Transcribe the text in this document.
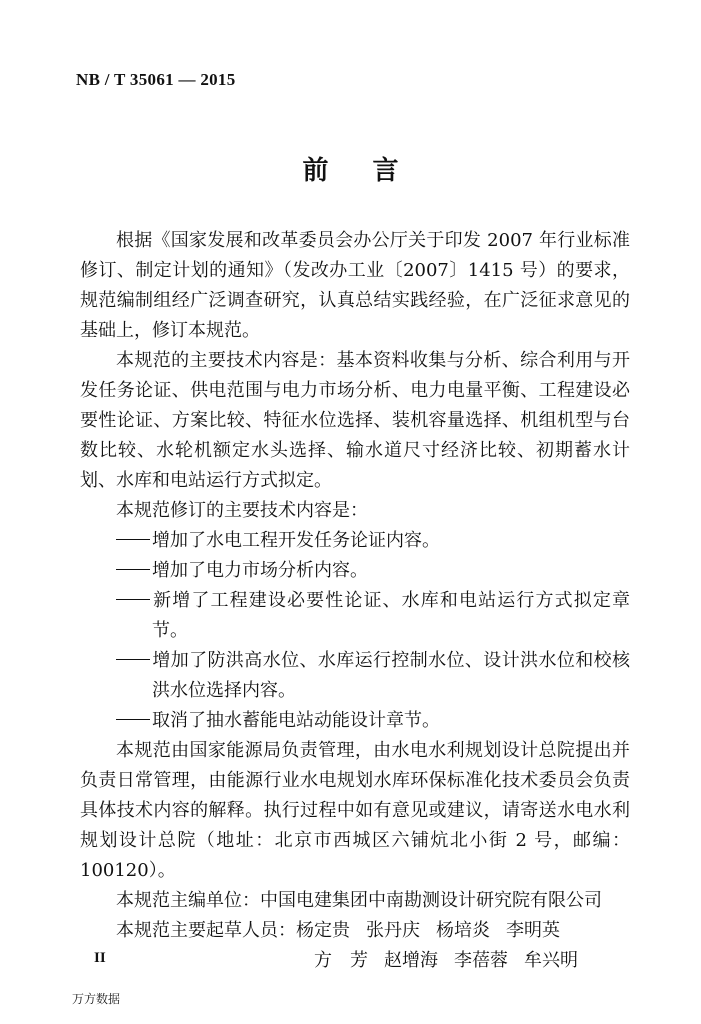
NB / T 35061 — 2015
前言

根据《国家发展和改革委员会办公厅关于印发 2007 年行业标准修订、制定计划的通知》（发改办工业〔2007〕1415 号）的要求，规范编制组经广泛调查研究，认真总结实践经验，在广泛征求意见的基础上，修订本规范。

本规范的主要技术内容是：基本资料收集与分析、综合利用与开发任务论证、供电范围与电力市场分析、电力电量平衡、工程建设必要性论证、方案比较、特征水位选择、装机容量选择、机组机型与台数比较、水轮机额定水头选择、输水道尺寸经济比较、初期蓄水计划、水库和电站运行方式拟定。

本规范修订的主要技术内容是：

增加了水电工程开发任务论证内容。

增加了电力市场分析内容。

新增了工程建设必要性论证、水库和电站运行方式拟定章节。

增加了防洪高水位、水库运行控制水位、设计洪水位和校核洪水位选择内容。

取消了抽水蓄能电站动能设计章节。

本规范由国家能源局负责管理，由水电水利规划设计总院提出并负责日常管理，由能源行业水电规划水库环保标准化技术委员会负责具体技术内容的解释。执行过程中如有意见或建议，请寄送水电水利规划设计总院（地址：北京市西城区六铺炕北小街 2 号，邮编：100120）。

本规范主编单位：中国电建集团中南勘测设计研究院有限公司

本规范主要起草人员：杨定贵 张丹庆 杨培炎 李明英

方　芳 赵增海 李蓓蓉 牟兴明

II
万方数据
